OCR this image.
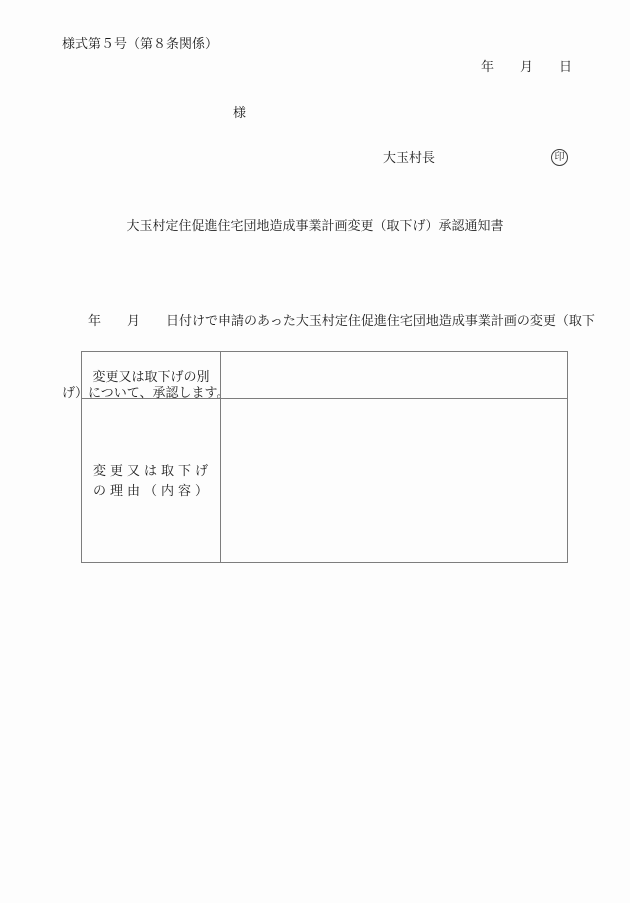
様式第５号（第８条関係）
年　　月　　日
様
大玉村長	印
大玉村定住促進住宅団地造成事業計画変更（取下げ）承認通知書

　　年　　月　　日付けで申請のあった大玉村定住促進住宅団地造成事業計画の変更（取下

げ）について、承認します。

変更又は取下げの別	

変更又は取下げ
の理由（内容）	
